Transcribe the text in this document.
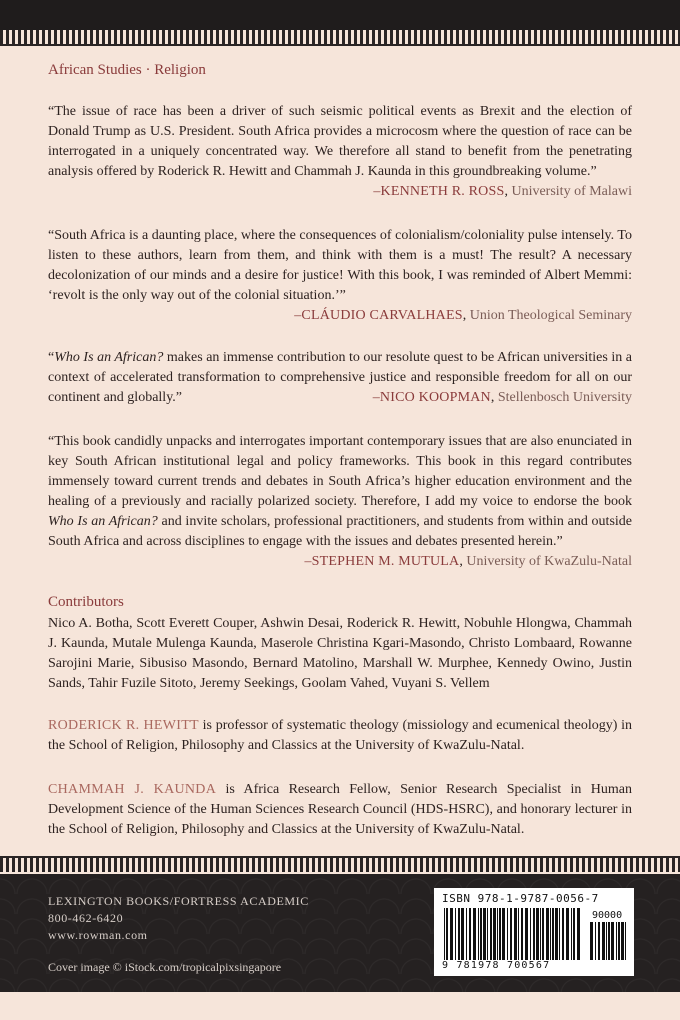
African Studies · Religion
“The issue of race has been a driver of such seismic political events as Brexit and the election of Donald Trump as U.S. President. South Africa provides a microcosm where the question of race can be interrogated in a uniquely concentrated way. We therefore all stand to benefit from the penetrating analysis offered by Roderick R. Hewitt and Chammah J. Kaunda in this groundbreaking volume.”
–KENNETH R. ROSS, University of Malawi
“South Africa is a daunting place, where the consequences of colonialism/coloniality pulse intensely. To listen to these authors, learn from them, and think with them is a must! The result? A necessary decolonization of our minds and a desire for justice! With this book, I was reminded of Albert Memmi: ‘revolt is the only way out of the colonial situation.’”
–CLÁUDIO CARVALHAES, Union Theological Seminary
“Who Is an African? makes an immense contribution to our resolute quest to be African universities in a context of accelerated transformation to comprehensive justice and responsible freedom for all on our continent and globally.”	–NICO KOOPMAN, Stellenbosch University
“This book candidly unpacks and interrogates important contemporary issues that are also enunciated in key South African institutional legal and policy frameworks. This book in this regard contributes immensely toward current trends and debates in South Africa’s higher education environment and the healing of a previously and racially polarized society. Therefore, I add my voice to endorse the book Who Is an African? and invite scholars, professional practitioners, and students from within and outside South Africa and across disciplines to engage with the issues and debates presented herein.”
–STEPHEN M. MUTULA, University of KwaZulu-Natal
Contributors
Nico A. Botha, Scott Everett Couper, Ashwin Desai, Roderick R. Hewitt, Nobuhle Hlongwa, Chammah J. Kaunda, Mutale Mulenga Kaunda, Maserole Christina Kgari-Masondo, Christo Lombaard, Rowanne Sarojini Marie, Sibusiso Masondo, Bernard Matolino, Marshall W. Murphee, Kennedy Owino, Justin Sands, Tahir Fuzile Sitoto, Jeremy Seekings, Goolam Vahed, Vuyani S. Vellem
RODERICK R. HEWITT is professor of systematic theology (missiology and ecumenical theology) in the School of Religion, Philosophy and Classics at the University of KwaZulu-Natal.
CHAMMAH J. KAUNDA is Africa Research Fellow, Senior Research Specialist in Human Development Science of the Human Sciences Research Council (HDS-HSRC), and honorary lecturer in the School of Religion, Philosophy and Classics at the University of KwaZulu-Natal.
LEXINGTON BOOKS/FORTRESS ACADEMIC
800-462-6420
www.rowman.com
Cover image © iStock.com/tropicalpixsingapore
ISBN 978-1-9787-0056-7
90000
9 781978 700567
